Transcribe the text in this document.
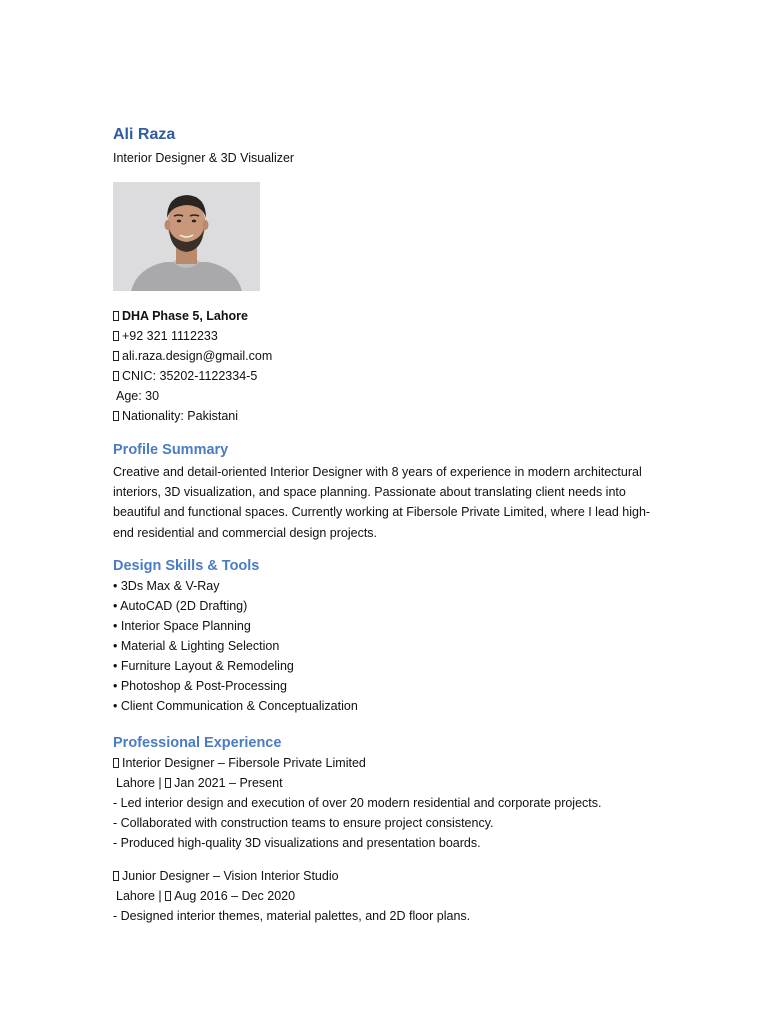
Ali Raza
Interior Designer & 3D Visualizer
DHA Phase 5, Lahore
+92 321 1112233
ali.raza.design@gmail.com
CNIC: 35202-1122334-5
Age: 30
Nationality: Pakistani
Profile Summary

Creative and detail-oriented Interior Designer with 8 years of experience in modern architectural interiors, 3D visualization, and space planning. Passionate about translating client needs into beautiful and functional spaces. Currently working at Fibersole Private Limited, where I lead high-end residential and commercial design projects.

Design Skills & Tools
• 3Ds Max & V-Ray
• AutoCAD (2D Drafting)
• Interior Space Planning
• Material & Lighting Selection
• Furniture Layout & Remodeling
• Photoshop & Post-Processing
• Client Communication & Conceptualization
Professional Experience
Interior Designer – Fibersole Private Limited
Lahore | Jan 2021 – Present
- Led interior design and execution of over 20 modern residential and corporate projects.
- Collaborated with construction teams to ensure project consistency.
- Produced high-quality 3D visualizations and presentation boards.
Junior Designer – Vision Interior Studio
Lahore | Aug 2016 – Dec 2020
- Designed interior themes, material palettes, and 2D floor plans.
